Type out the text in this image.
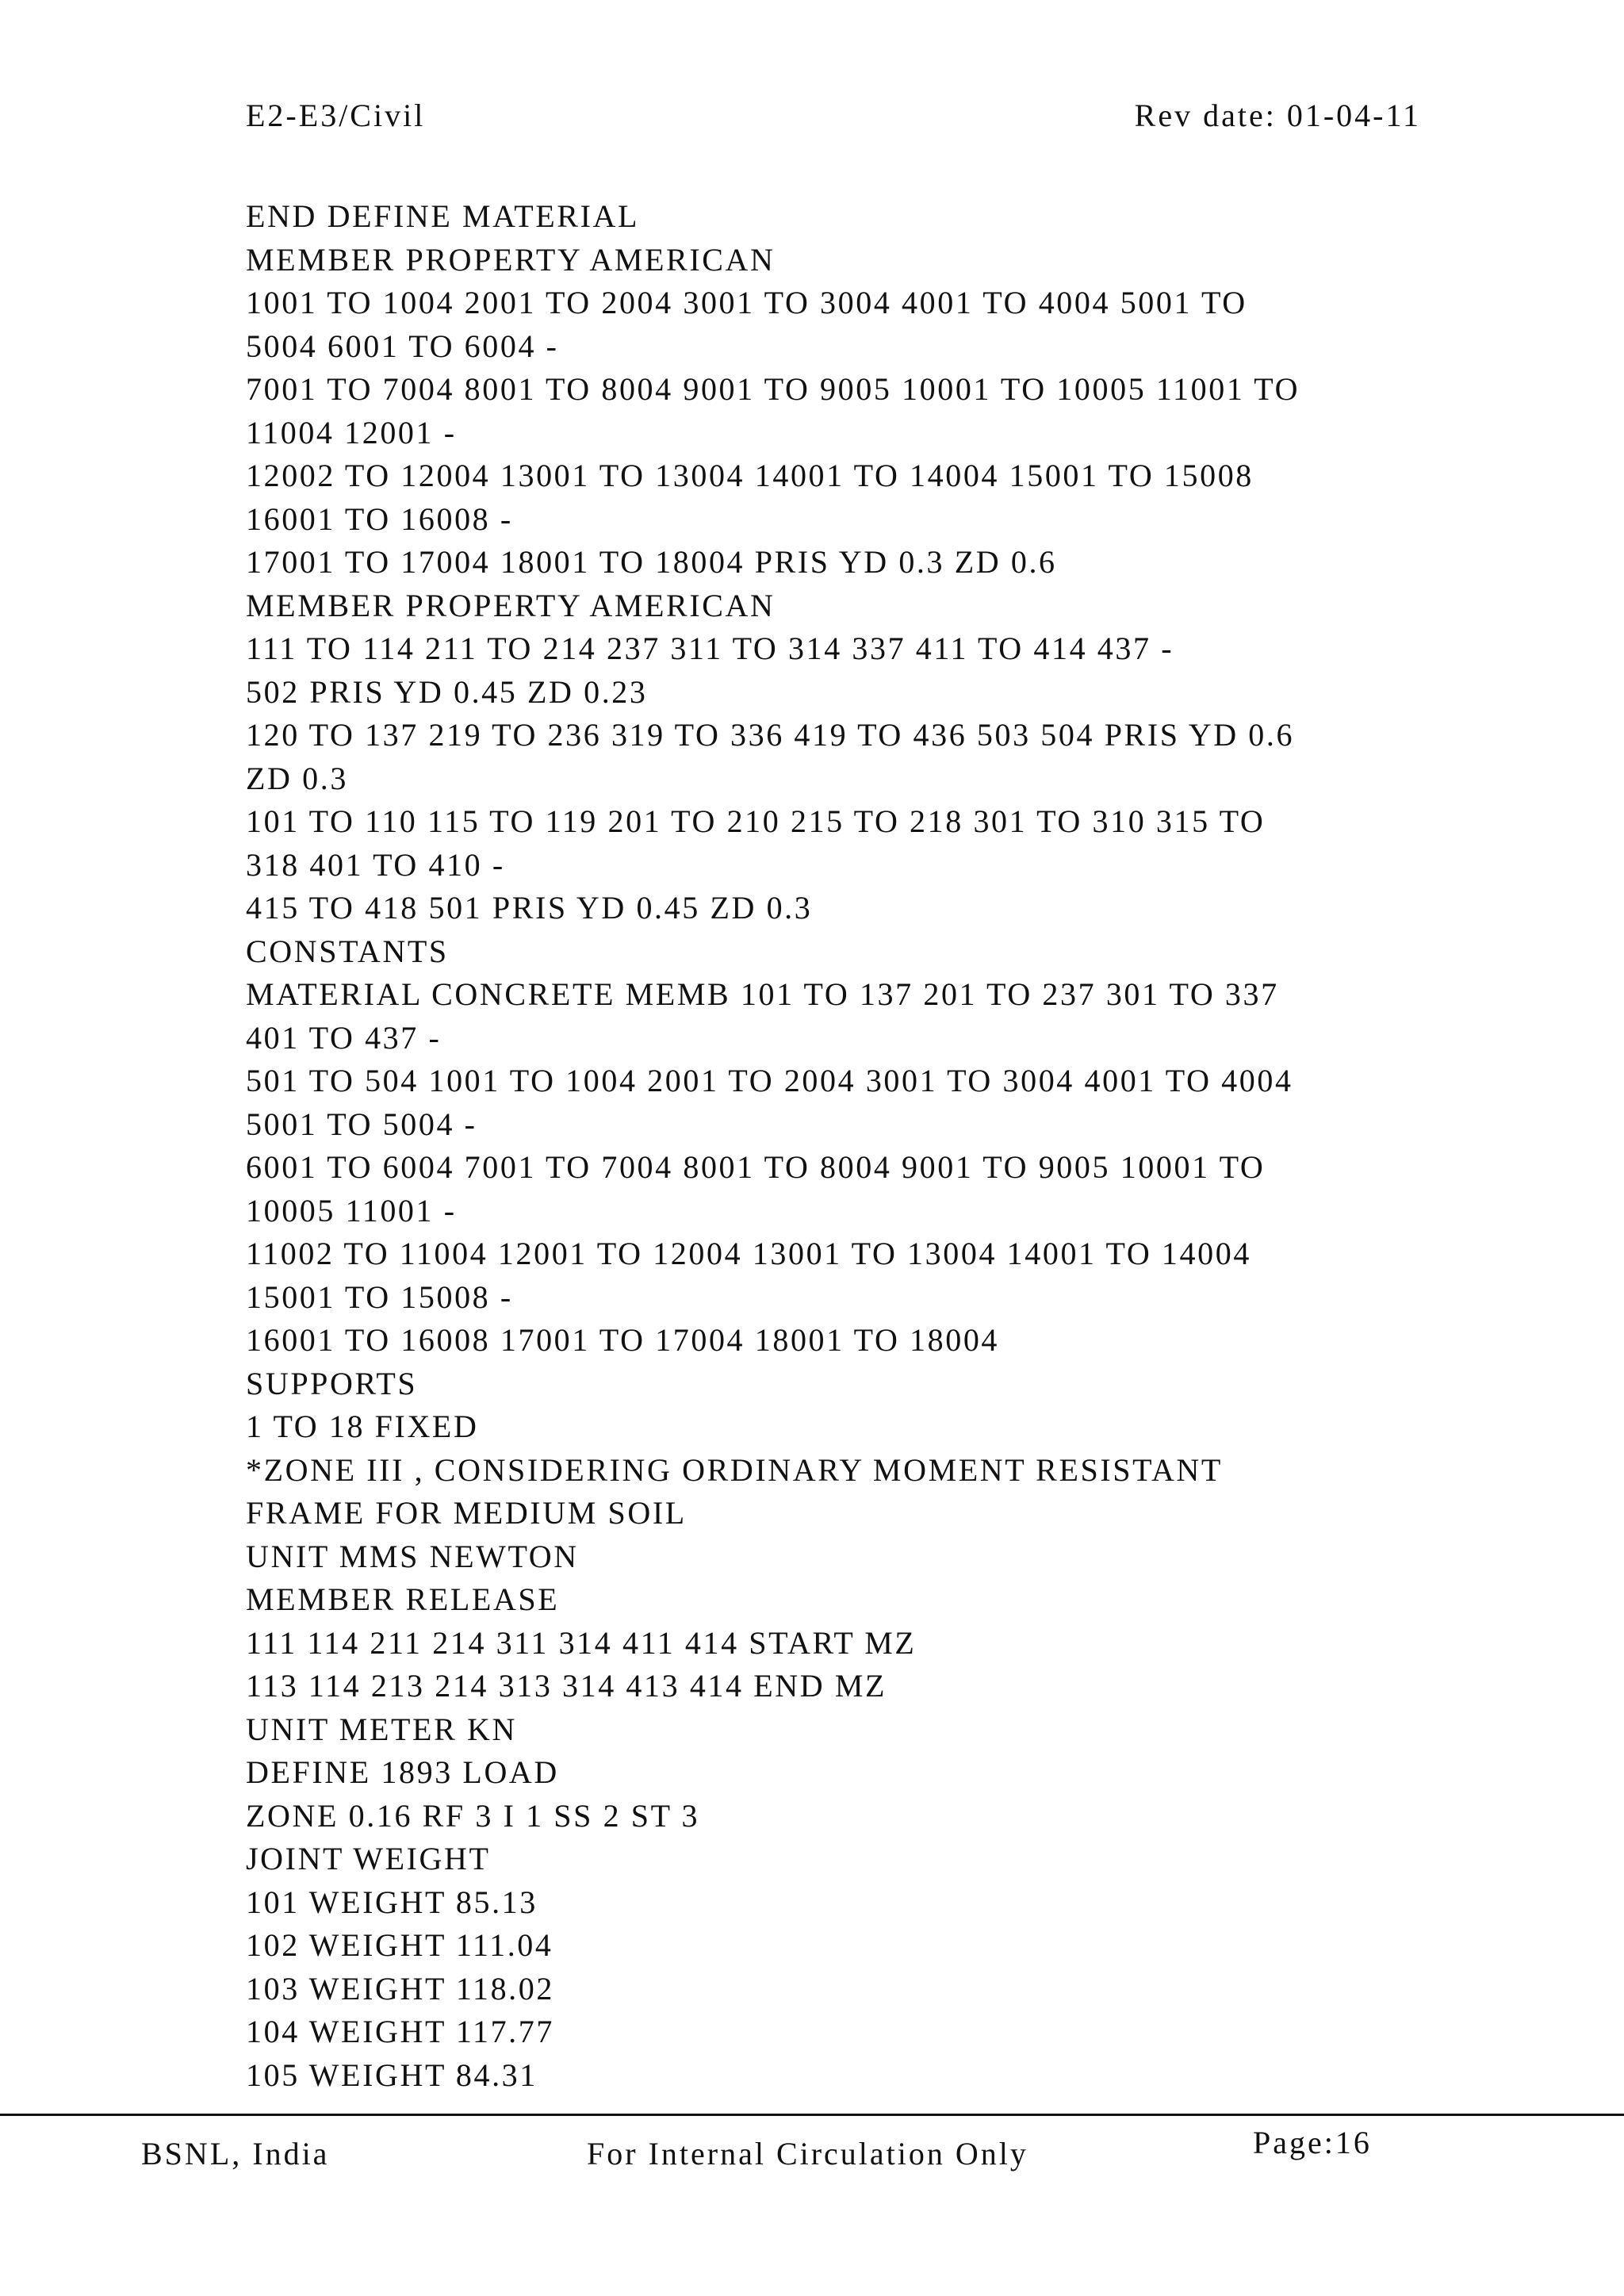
E2-E3/Civil	Rev date: 01-04-11
END DEFINE MATERIAL
MEMBER PROPERTY AMERICAN
1001 TO 1004 2001 TO 2004 3001 TO 3004 4001 TO 4004 5001 TO
5004 6001 TO 6004 -
7001 TO 7004 8001 TO 8004 9001 TO 9005 10001 TO 10005 11001 TO
11004 12001 -
12002 TO 12004 13001 TO 13004 14001 TO 14004 15001 TO 15008
16001 TO 16008 -
17001 TO 17004 18001 TO 18004 PRIS YD 0.3 ZD 0.6
MEMBER PROPERTY AMERICAN
111 TO 114 211 TO 214 237 311 TO 314 337 411 TO 414 437 -
502 PRIS YD 0.45 ZD 0.23
120 TO 137 219 TO 236 319 TO 336 419 TO 436 503 504 PRIS YD 0.6
ZD 0.3
101 TO 110 115 TO 119 201 TO 210 215 TO 218 301 TO 310 315 TO
318 401 TO 410 -
415 TO 418 501 PRIS YD 0.45 ZD 0.3
CONSTANTS
MATERIAL CONCRETE MEMB 101 TO 137 201 TO 237 301 TO 337
401 TO 437 -
501 TO 504 1001 TO 1004 2001 TO 2004 3001 TO 3004 4001 TO 4004
5001 TO 5004 -
6001 TO 6004 7001 TO 7004 8001 TO 8004 9001 TO 9005 10001 TO
10005 11001 -
11002 TO 11004 12001 TO 12004 13001 TO 13004 14001 TO 14004
15001 TO 15008 -
16001 TO 16008 17001 TO 17004 18001 TO 18004
SUPPORTS
1 TO 18 FIXED
*ZONE III , CONSIDERING ORDINARY MOMENT RESISTANT
FRAME FOR MEDIUM SOIL
UNIT MMS NEWTON
MEMBER RELEASE
111 114 211 214 311 314 411 414 START MZ
113 114 213 214 313 314 413 414 END MZ
UNIT METER KN
DEFINE 1893 LOAD
ZONE 0.16 RF 3 I 1 SS 2 ST 3
JOINT WEIGHT
101 WEIGHT 85.13
102 WEIGHT 111.04
103 WEIGHT 118.02
104 WEIGHT 117.77
105 WEIGHT 84.31
BSNL, India	For Internal Circulation Only	Page:16
